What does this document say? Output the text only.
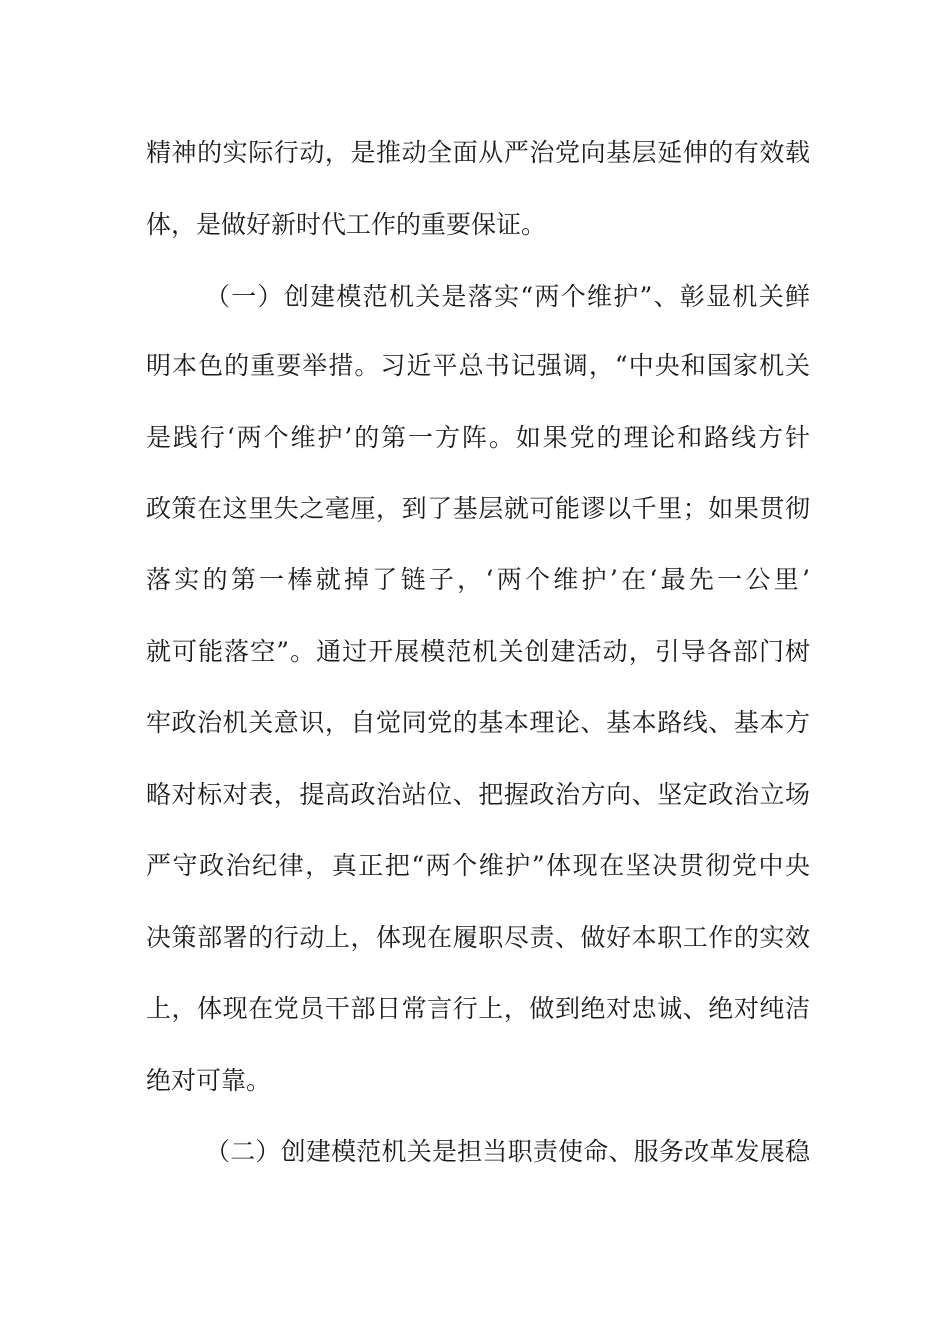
精神的实际行动，是推动全面从严治党向基层延伸的有效载
体，是做好新时代工作的重要保证。
（一）创建模范机关是落实“两个维护”、彰显机关鲜
明本色的重要举措。习近平总书记强调，“中央和国家机关
是践行‘两个维护’的第一方阵。如果党的理论和路线方针
政策在这里失之毫厘，到了基层就可能谬以千里；如果贯彻
落实的第一棒就掉了链子，‘两个维护’在‘最先一公里’
就可能落空”。通过开展模范机关创建活动，引导各部门树
牢政治机关意识，自觉同党的基本理论、基本路线、基本方
略对标对表，提高政治站位、把握政治方向、坚定政治立场
严守政治纪律，真正把“两个维护”体现在坚决贯彻党中央
决策部署的行动上，体现在履职尽责、做好本职工作的实效
上，体现在党员干部日常言行上，做到绝对忠诚、绝对纯洁
绝对可靠。
（二）创建模范机关是担当职责使命、服务改革发展稳
